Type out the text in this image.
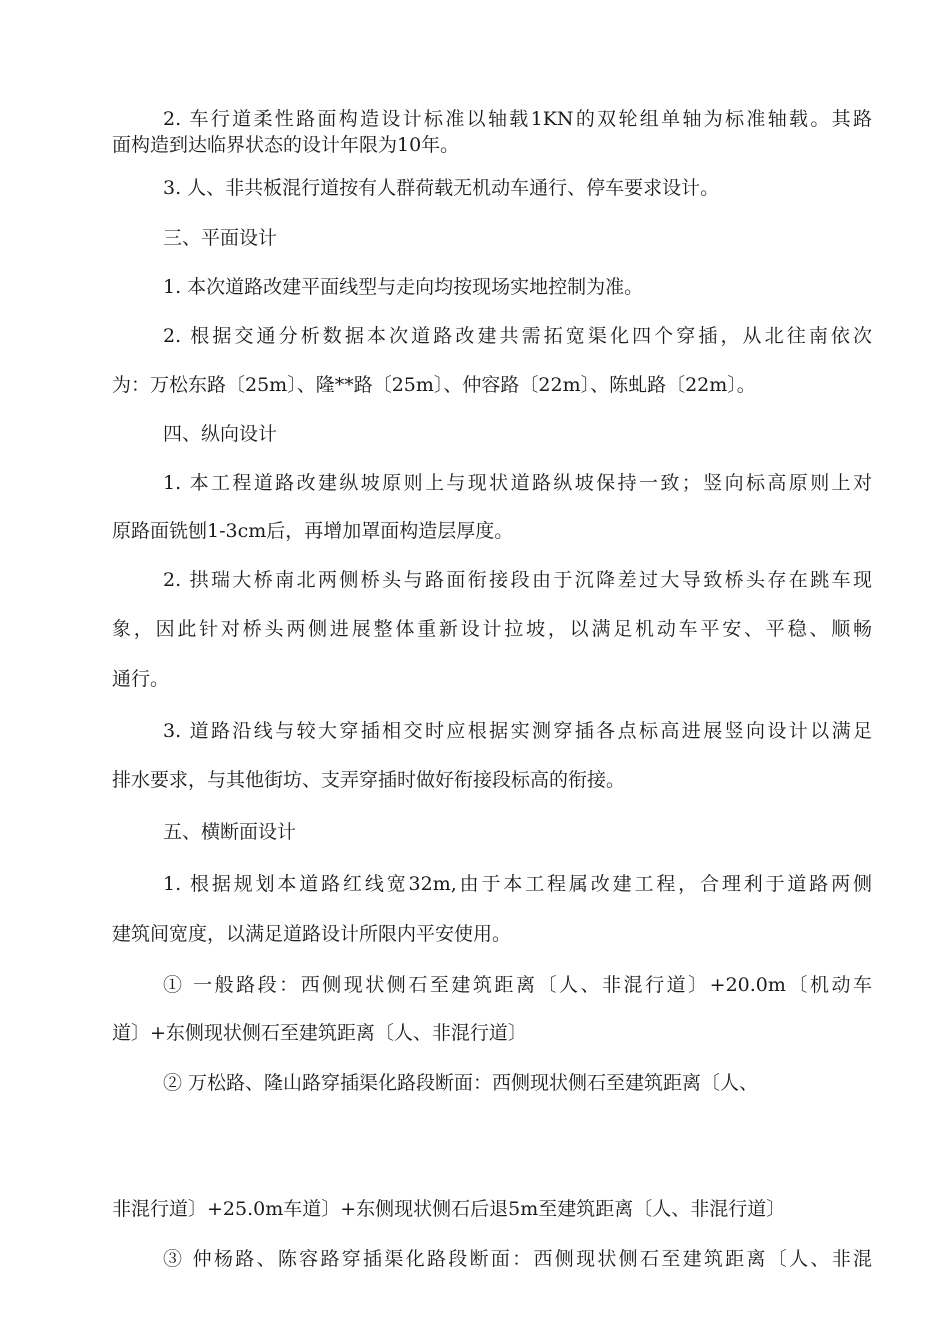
2. 车行道柔性路面构造设计标准以轴载1KN的双轮组单轴为标准轴载。其路
面构造到达临界状态的设计年限为10年。
3. 人、非共板混行道按有人群荷载无机动车通行、停车要求设计。
三、平面设计
1. 本次道路改建平面线型与走向均按现场实地控制为准。
2. 根据交通分析数据本次道路改建共需拓宽渠化四个穿插，从北往南依次
为：万松东路〔25m〕、隆**路〔25m〕、仲容路〔22m〕、陈虬路〔22m〕。
四、纵向设计
1. 本工程道路改建纵坡原则上与现状道路纵坡保持一致；竖向标高原则上对
原路面铣刨1-3cm后，再增加罩面构造层厚度。
2. 拱瑞大桥南北两侧桥头与路面衔接段由于沉降差过大导致桥头存在跳车现
象，因此针对桥头两侧进展整体重新设计拉坡，以满足机动车平安、平稳、顺畅
通行。
3. 道路沿线与较大穿插相交时应根据实测穿插各点标高进展竖向设计以满足
排水要求，与其他街坊、支弄穿插时做好衔接段标高的衔接。
五、横断面设计
1. 根据规划本道路红线宽32m,由于本工程属改建工程，合理利于道路两侧
建筑间宽度，以满足道路设计所限内平安使用。
① 一般路段：西侧现状侧石至建筑距离〔人、非混行道〕+20.0m〔机动车
道〕+东侧现状侧石至建筑距离〔人、非混行道〕
② 万松路、隆山路穿插渠化路段断面：西侧现状侧石至建筑距离〔人、
非混行道〕+25.0m车道〕+东侧现状侧石后退5m至建筑距离〔人、非混行道〕
③ 仲杨路、陈容路穿插渠化路段断面：西侧现状侧石至建筑距离〔人、非混
